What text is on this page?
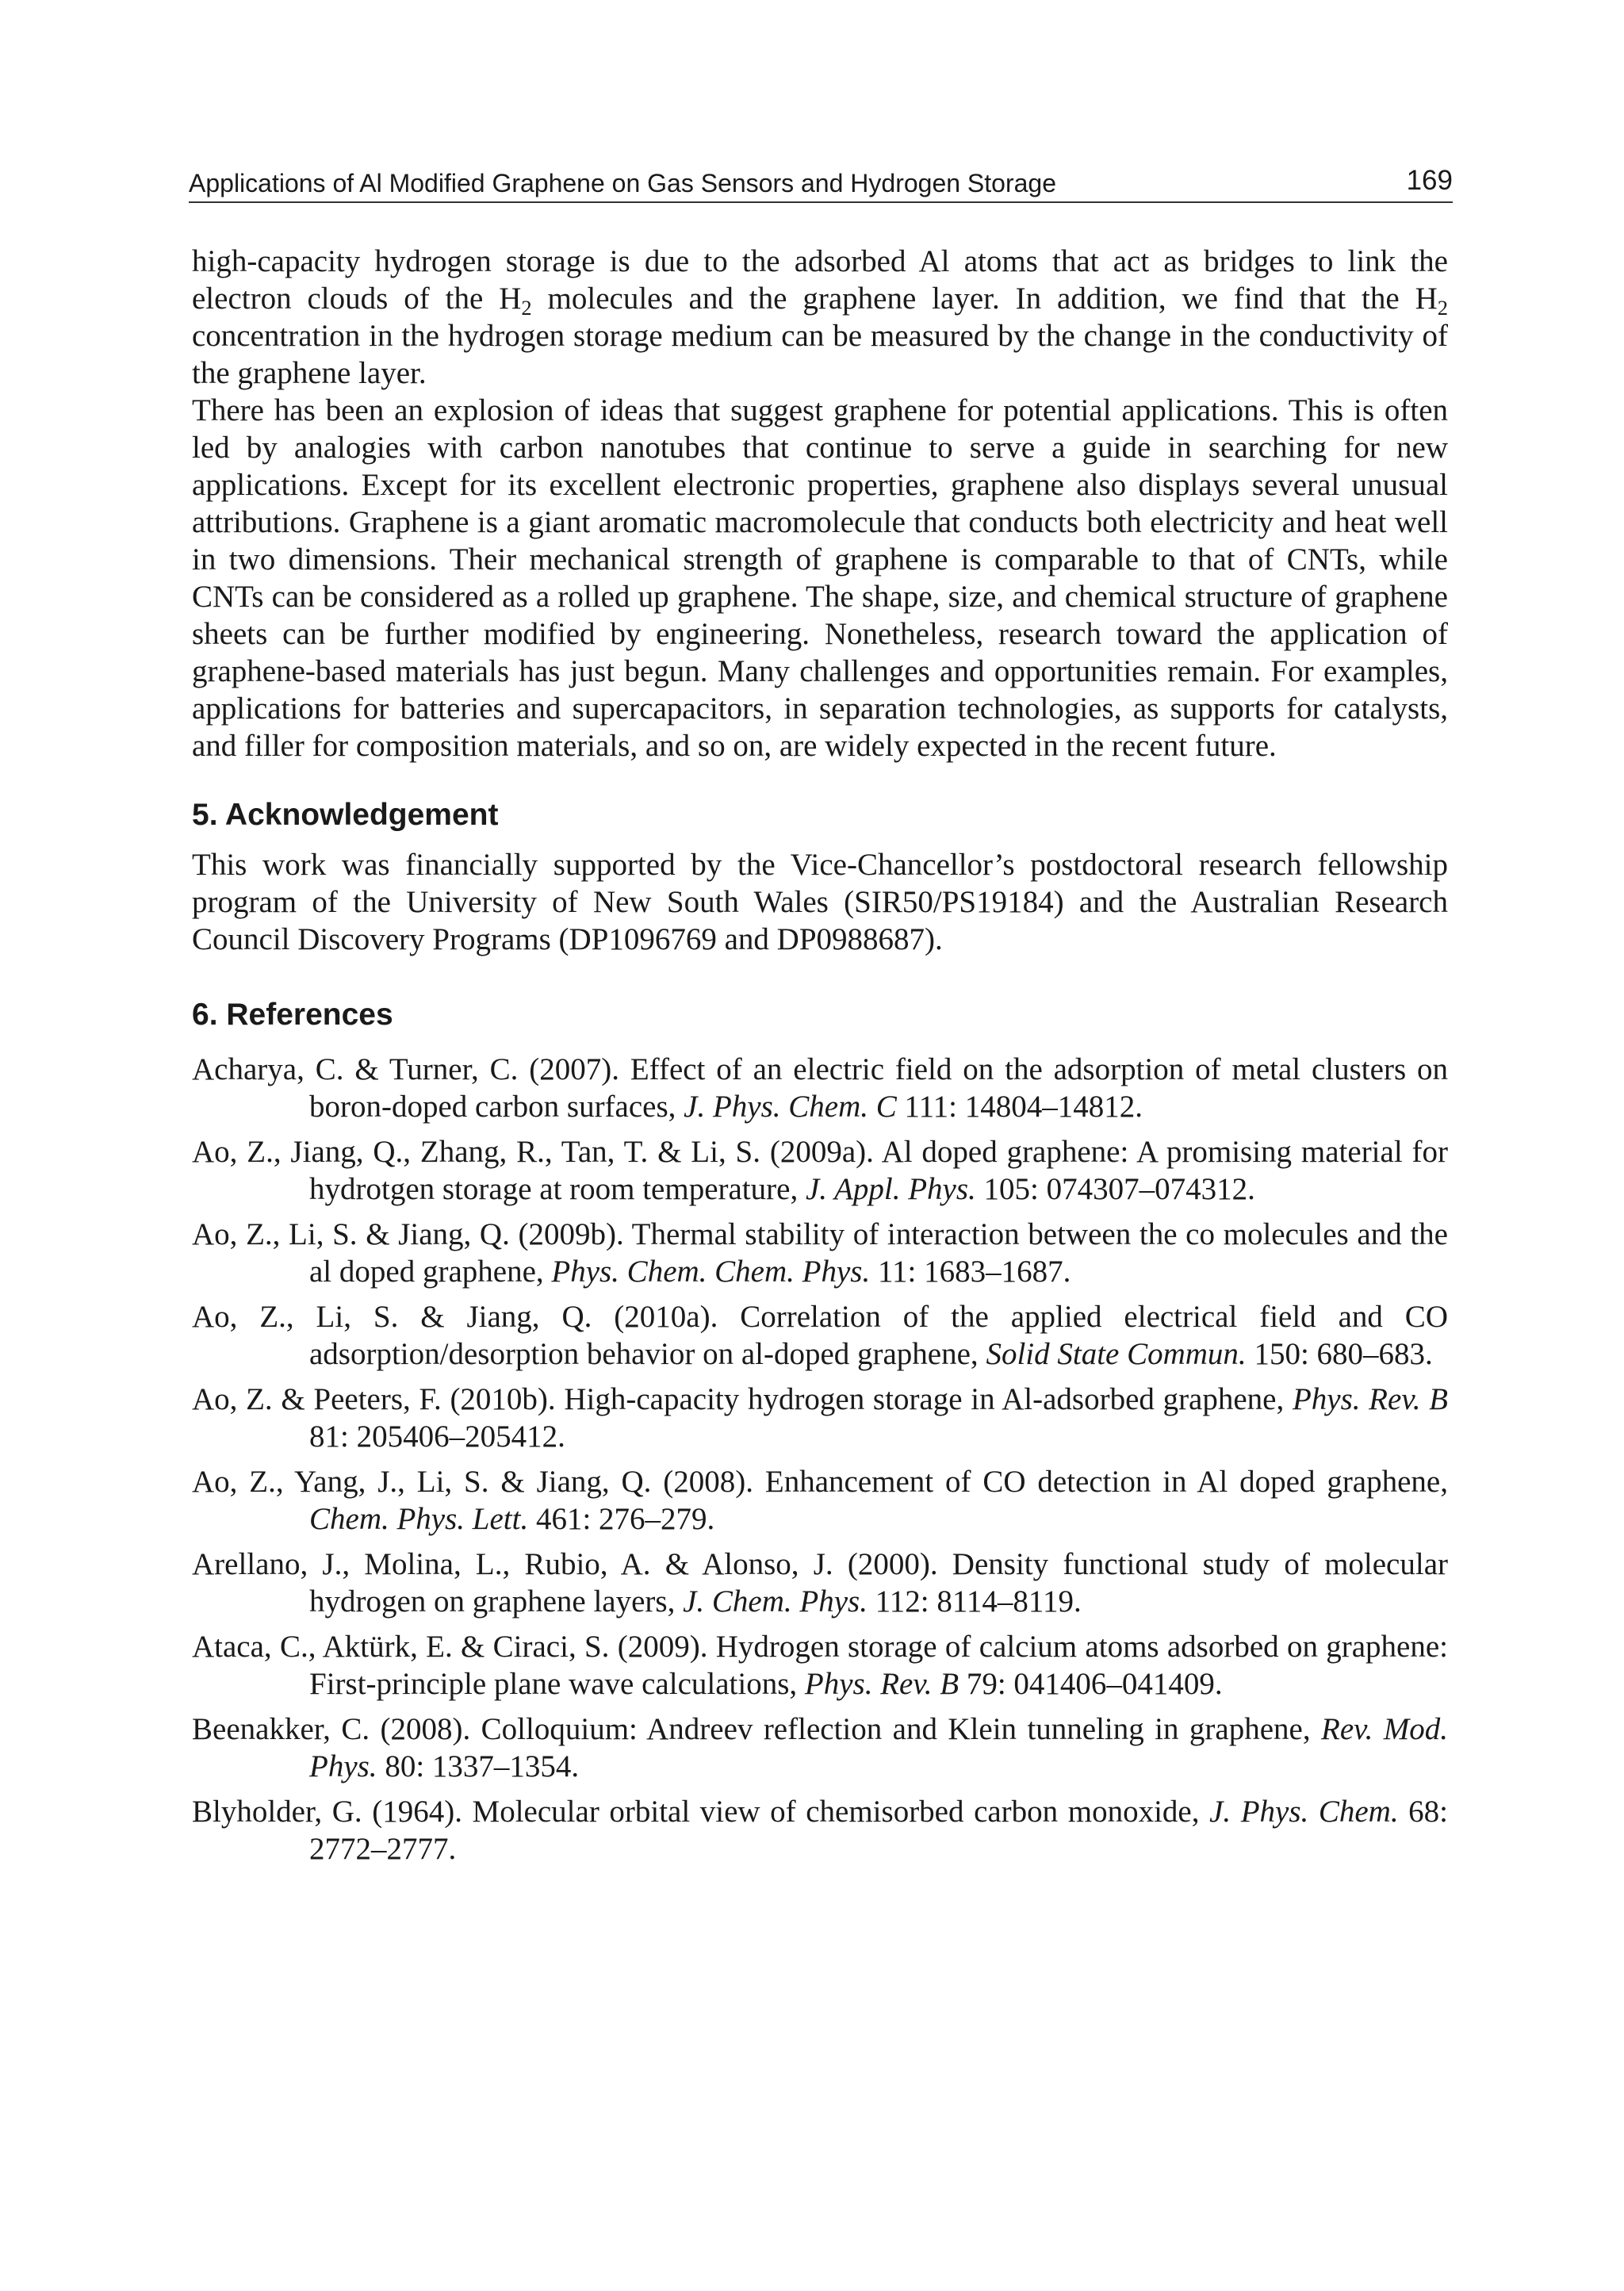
Applications of Al Modified Graphene on Gas Sensors and Hydrogen Storage	169

high-capacity hydrogen storage is due to the adsorbed Al atoms that act as bridges to link the electron clouds of the $H_2$ molecules and the graphene layer. In addition, we find that the $H_2$ concentration in the hydrogen storage medium can be measured by the change in the conductivity of the graphene layer.

There has been an explosion of ideas that suggest graphene for potential applications. This is often led by analogies with carbon nanotubes that continue to serve a guide in searching for new applications. Except for its excellent electronic properties, graphene also displays several unusual attributions. Graphene is a giant aromatic macromolecule that conducts both electricity and heat well in two dimensions. Their mechanical strength of graphene is comparable to that of CNTs, while CNTs can be considered as a rolled up graphene. The shape, size, and chemical structure of graphene sheets can be further modified by engineering. Nonetheless, research toward the application of graphene-based materials has just begun. Many challenges and opportunities remain. For examples, applications for batteries and supercapacitors, in separation technologies, as supports for catalysts, and filler for composition materials, and so on, are widely expected in the recent future.

5. Acknowledgement

This work was financially supported by the Vice-Chancellor’s postdoctoral research fellowship program of the University of New South Wales (SIR50/PS19184) and the Australian Research Council Discovery Programs (DP1096769 and DP0988687).

6. References
Acharya, C. & Turner, C. (2007). Effect of an electric field on the adsorption of metal clusters on boron-doped carbon surfaces, J. Phys. Chem. C 111: 14804–14812.
Ao, Z., Jiang, Q., Zhang, R., Tan, T. & Li, S. (2009a). Al doped graphene: A promising material for hydrotgen storage at room temperature, J. Appl. Phys. 105: 074307–074312.
Ao, Z., Li, S. & Jiang, Q. (2009b). Thermal stability of interaction between the co molecules and the al doped graphene, Phys. Chem. Chem. Phys. 11: 1683–1687.
Ao, Z., Li, S. & Jiang, Q. (2010a). Correlation of the applied electrical field and CO adsorption/desorption behavior on al-doped graphene, Solid State Commun. 150: 680–683.
Ao, Z. & Peeters, F. (2010b). High-capacity hydrogen storage in Al-adsorbed graphene, Phys. Rev. B 81: 205406–205412.
Ao, Z., Yang, J., Li, S. & Jiang, Q. (2008). Enhancement of CO detection in Al doped graphene, Chem. Phys. Lett. 461: 276–279.
Arellano, J., Molina, L., Rubio, A. & Alonso, J. (2000). Density functional study of molecular hydrogen on graphene layers, J. Chem. Phys. 112: 8114–8119.
Ataca, C., Aktürk, E. & Ciraci, S. (2009). Hydrogen storage of calcium atoms adsorbed on graphene: First-principle plane wave calculations, Phys. Rev. B 79: 041406–041409.
Beenakker, C. (2008). Colloquium: Andreev reflection and Klein tunneling in graphene, Rev. Mod. Phys. 80: 1337–1354.
Blyholder, G. (1964). Molecular orbital view of chemisorbed carbon monoxide, J. Phys. Chem. 68: 2772–2777.
